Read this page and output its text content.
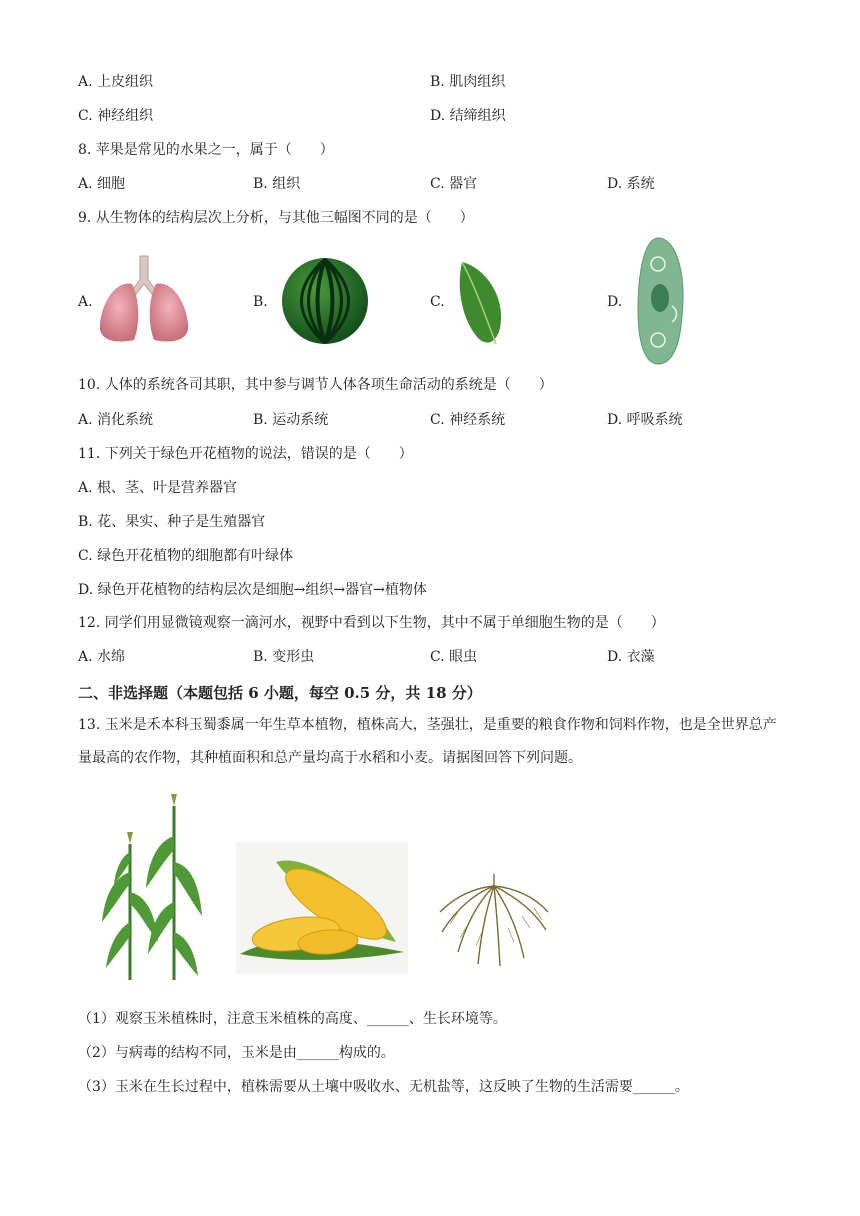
A. 上皮组织	B. 肌肉组织
C. 神经组织	D. 结缔组织
8. 苹果是常见的水果之一，属于（　　）
A. 细胞	B. 组织	C. 器官	D. 系统
9. 从生物体的结构层次上分析，与其他三幅图不同的是（　　）
A.	B.	C.	D.
10. 人体的系统各司其职，其中参与调节人体各项生命活动的系统是（　　）
A. 消化系统	B. 运动系统	C. 神经系统	D. 呼吸系统
11. 下列关于绿色开花植物的说法，错误的是（　　）
A. 根、茎、叶是营养器官
B. 花、果实、种子是生殖器官
C. 绿色开花植物的细胞都有叶绿体
D. 绿色开花植物的结构层次是细胞→组织→器官→植物体
12. 同学们用显微镜观察一滴河水，视野中看到以下生物，其中不属于单细胞生物的是（　　）
A. 水绵	B. 变形虫	C. 眼虫	D. 衣藻
二、非选择题（本题包括 6 小题，每空 0.5 分，共 18 分）
13. 玉米是禾本科玉蜀黍属一年生草本植物，植株高大，茎强壮，是重要的粮食作物和饲料作物，也是全世界总产量最高的农作物，其种植面积和总产量均高于水稻和小麦。请据图回答下列问题。
（1）观察玉米植株时，注意玉米植株的高度、______、生长环境等。
（2）与病毒的结构不同，玉米是由______构成的。
（3）玉米在生长过程中，植株需要从土壤中吸收水、无机盐等，这反映了生物的生活需要______。
